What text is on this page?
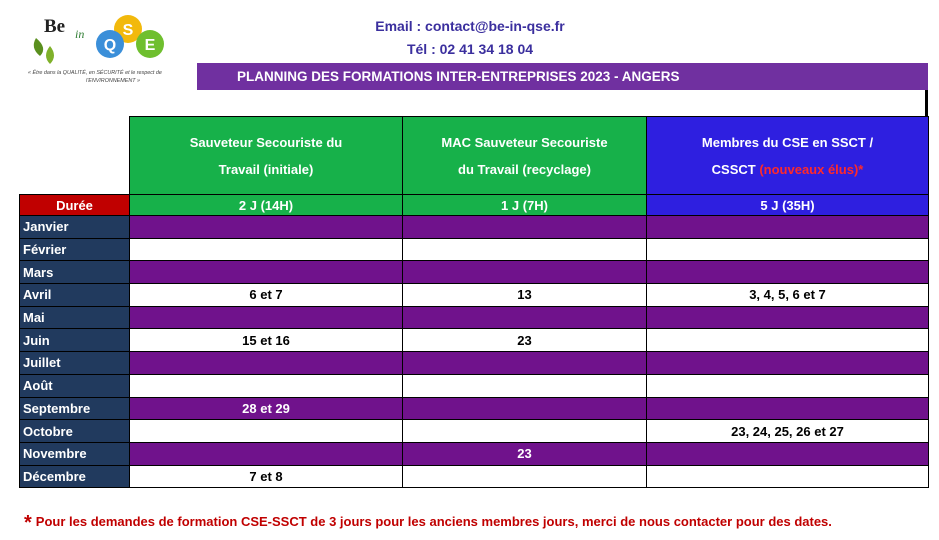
Be in
Q
S
E
« Être dans la QUALITÉ, en SÉCURITÉ et le respect de
l'ENVIRONNEMENT »
Email : contact@be-in-qse.fr
Tél : 02 41 34 18 04
PLANNING DES FORMATIONS INTER-ENTREPRISES 2023 - ANGERS

	Sauveteur Secouriste du
Travail (initiale)	MAC Sauveteur Secouriste
du Travail (recyclage)	Membres du CSE en SSCT /
CSSCT (nouveaux élus)*

Durée	2 J (14H)	1 J (7H)	5 J (35H)
Janvier			
Février			
Mars			
Avril	6 et 7	13	3, 4, 5, 6 et 7
Mai			
Juin	15 et 16	23	
Juillet			
Août			
Septembre	28 et 29		
Octobre			23, 24, 25, 26 et 27
Novembre		23	
Décembre	7 et 8		
* Pour les demandes de formation CSE-SSCT de 3 jours pour les anciens membres jours, merci de nous contacter pour des dates.
